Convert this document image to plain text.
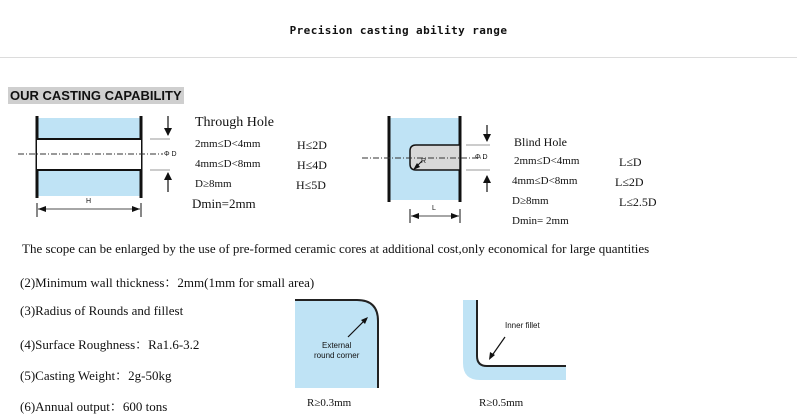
Precision casting ability range
OUR CASTING CAPABILITY
Φ D
H
Through Hole
2mm≤D<4mm	H≤2D
4mm≤D<8mm	H≤4D
D≥8mm	H≤5D
Dmin=2mm
Φ D
L
R
Blind Hole
2mm≤D<4mm	L≤D
4mm≤D<8mm	L≤2D
D≥8mm	L≤2.5D
Dmin= 2mm
The scope can be enlarged by the use of pre-formed ceramic cores at additional cost,only economical for large quantities
(2)Minimum wall thickness：2mm(1mm for small area)
(3)Radius of Rounds and fillest
(4)Surface Roughness：Ra1.6-3.2
(5)Casting Weight：2g-50kg
(6)Annual output：600 tons
External
round corner
R≥0.3mm
Inner fillet
R≥0.5mm
